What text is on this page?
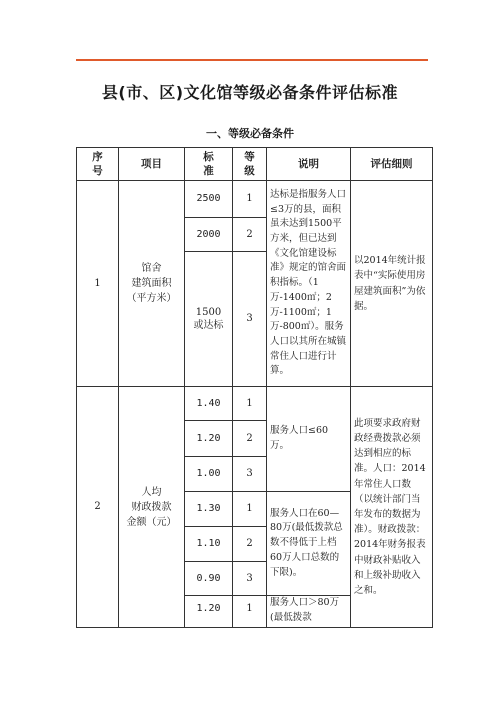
县(市、区)文化馆等级必备条件评估标准
一、等级必备条件
序
号	项目	标
准	等
级	说明	评估细则
1	馆舍
建筑面积
（平方米）	2500	1	达标是指服务人口≤3万的县，面积虽未达到1500平方米，但已达到《文化馆建设标准》规定的馆舍面积指标。（1万-1400㎡；2万-1100㎡；1万-800㎡）。服务人口以其所在城镇常住人口进行计算。	以2014年统计报表中“实际使用房屋建筑面积”为依据。
		2000	2		
		1500
或达标	3		
2	人均
财政拨款
金额（元）	1.40	1	服务人口≤60万。	此项要求政府财政经费拨款必须达到相应的标准。人口：2014年常住人口数（以统计部门当年发布的数据为准）。财政拨款：2014年财务报表中财政补贴收入和上级补助收入之和。
		1.20	2		
		1.00	3		
		1.30	1	服务人口在60—80万(最低拨款总数不得低于上档60万人口总数的下限)。	
		1.10	2		
		0.90	3		
		1.20	1	服务人口＞80万(最低拨款	
